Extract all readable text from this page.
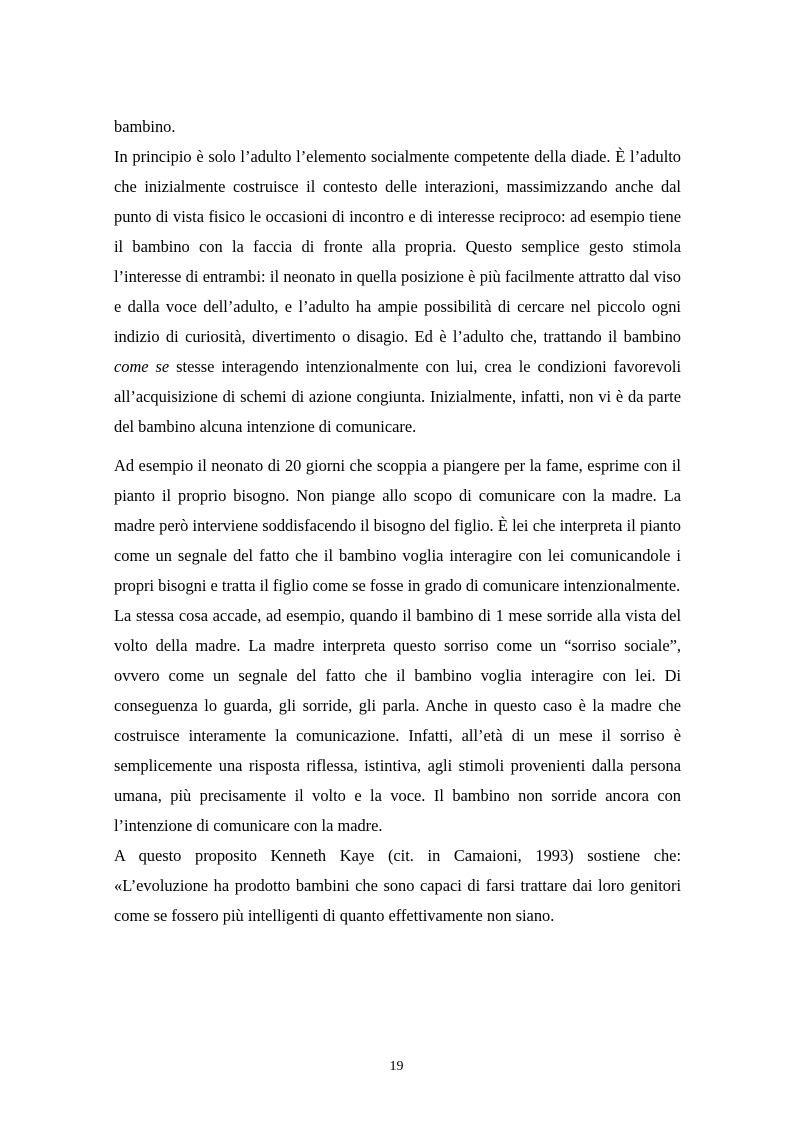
bambino.

In principio è solo l’adulto l’elemento socialmente competente della diade. È l’adulto che inizialmente costruisce il contesto delle interazioni, massimizzando anche dal punto di vista fisico le occasioni di incontro e di interesse reciproco: ad esempio tiene il bambino con la faccia di fronte alla propria. Questo semplice gesto stimola l’interesse di entrambi: il neonato in quella posizione è più facilmente attratto dal viso e dalla voce dell’adulto, e l’adulto ha ampie possibilità di cercare nel piccolo ogni indizio di curiosità, divertimento o disagio. Ed è l’adulto che, trattando il bambino come se stesse interagendo intenzionalmente con lui, crea le condizioni favorevoli all’acquisizione di schemi di azione congiunta. Inizialmente, infatti, non vi è da parte del bambino alcuna intenzione di comunicare.

Ad esempio il neonato di 20 giorni che scoppia a piangere per la fame, esprime con il pianto il proprio bisogno. Non piange allo scopo di comunicare con la madre. La madre però interviene soddisfacendo il bisogno del figlio. È lei che interpreta il pianto come un segnale del fatto che il bambino voglia interagire con lei comunicandole i propri bisogni e tratta il figlio come se fosse in grado di comunicare intenzionalmente.

La stessa cosa accade, ad esempio, quando il bambino di 1 mese sorride alla vista del volto della madre. La madre interpreta questo sorriso come un “sorriso sociale”, ovvero come un segnale del fatto che il bambino voglia interagire con lei. Di conseguenza lo guarda, gli sorride, gli parla. Anche in questo caso è la madre che costruisce interamente la comunicazione. Infatti, all’età di un mese il sorriso è semplicemente una risposta riflessa, istintiva, agli stimoli provenienti dalla persona umana, più precisamente il volto e la voce. Il bambino non sorride ancora con l’intenzione di comunicare con la madre.

A questo proposito Kenneth Kaye (cit. in Camaioni, 1993) sostiene che: «L’evoluzione ha prodotto bambini che sono capaci di farsi trattare dai loro genitori come se fossero più intelligenti di quanto effettivamente non siano.

19
